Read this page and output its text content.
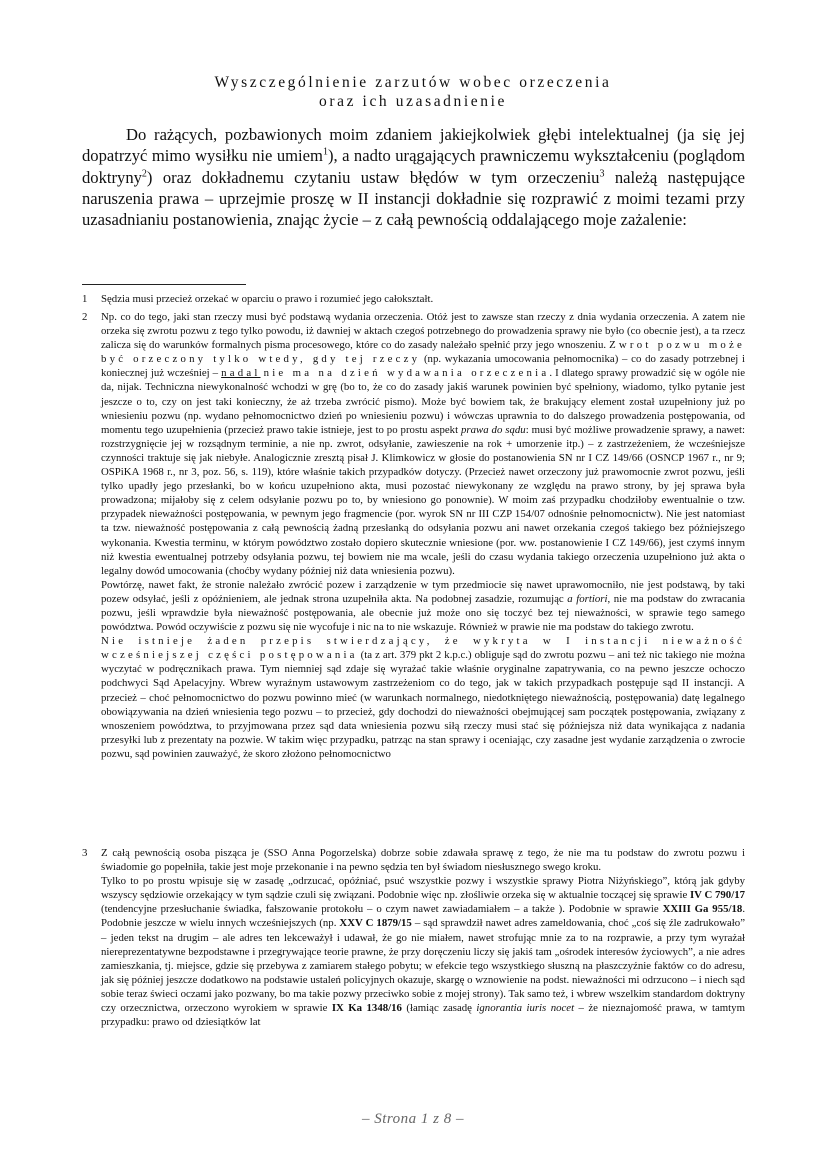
Wyszczególnienie zarzutów wobec orzeczenia
oraz ich uzasadnienie

Do rażących, pozbawionych moim zdaniem jakiejkolwiek głębi intelektualnej (ja się jej dopatrzyć mimo wysiłku nie umiem$^1$), a nadto urągających prawniczemu wykształceniu (poglądom doktryny$^2$) oraz dokładnemu czytaniu ustaw błędów w tym orzeczeniu$^3$ należą następujące naruszenia prawa – uprzejmie proszę w II instancji dokładnie się rozprawić z moimi tezami przy uzasadnianiu postanowienia, znając życie – z całą pewnością oddalającego moje zażalenie:

1 Sędzia musi przecież orzekać w oparciu o prawo i rozumieć jego całokształt.

2 Np. co do tego, jaki stan rzeczy musi być podstawą wydania orzeczenia. Otóż jest to zawsze stan rzeczy z dnia wydania orzeczenia. A zatem nie orzeka się zwrotu pozwu z tego tylko powodu, iż dawniej w aktach czegoś potrzebnego do prowadzenia sprawy nie było (co obecnie jest), a ta rzecz zalicza się do warunków formalnych pisma procesowego, które co do zasady należało spełnić przy jego wnoszeniu. Zwrot pozwu może być orzeczony tylko wtedy, gdy tej rzeczy (np. wykazania umocowania pełnomocnika) – co do zasady potrzebnej i koniecznej już wcześniej – nadal nie ma na dzień wydawania orzeczenia. I dlatego sprawy prowadzić się w ogóle nie da, nijak. Techniczna niewykonalność wchodzi w grę (bo to, że co do zasady jakiś warunek powinien być spełniony, wiadomo, tylko pytanie jest jeszcze o to, czy on jest taki konieczny, że aż trzeba zwrócić pismo). Może być bowiem tak, że brakujący element został uzupełniony już po wniesieniu pozwu (np. wydano pełnomocnictwo dzień po wniesieniu pozwu) i wówczas uprawnia to do dalszego prowadzenia postępowania, od momentu tego uzupełnienia (przecież prawo takie istnieje, jest to po prostu aspekt prawa do sądu: musi być możliwe prowadzenie sprawy, a nawet: rozstrzygnięcie jej w rozsądnym terminie, a nie np. zwrot, odsyłanie, zawieszenie na rok + umorzenie itp.) – z zastrzeżeniem, że wcześniejsze czynności traktuje się jak niebyłe. Analogicznie zresztą pisał J. Klimkowicz w głosie do postanowienia SN nr I CZ 149/66 (OSNCP 1967 r., nr 9; OSPiKA 1968 r., nr 3, poz. 56, s. 119), które właśnie takich przypadków dotyczy. (Przecież nawet orzeczony już prawomocnie zwrot pozwu, jeśli tylko upadły jego przesłanki, bo w końcu uzupełniono akta, musi pozostać niewykonany ze względu na prawo strony, by jej sprawa była prowadzona; mijałoby się z celem odsyłanie pozwu po to, by wniesiono go ponownie). W moim zaś przypadku chodziłoby ewentualnie o tzw. przypadek nieważności postępowania, w pewnym jego fragmencie (por. wyrok SN nr III CZP 154/07 odnośnie pełnomocnictw). Nie jest natomiast ta tzw. nieważność postępowania z całą pewnością żadną przesłanką do odsyłania pozwu ani nawet orzekania czegoś takiego bez późniejszego wykonania. Kwestia terminu, w którym powództwo zostało dopiero skutecznie wniesione (por. ww. postanowienie I CZ 149/66), jest czymś innym niż kwestia ewentualnej potrzeby odsyłania pozwu, tej bowiem nie ma wcale, jeśli do czasu wydania takiego orzeczenia uzupełniono już akta o legalny dowód umocowania (choćby wydany później niż data wniesienia pozwu).

Powtórzę, nawet fakt, że stronie należało zwrócić pozew i zarządzenie w tym przedmiocie się nawet uprawomocniło, nie jest podstawą, by taki pozew odsyłać, jeśli z opóźnieniem, ale jednak strona uzupełniła akta. Na podobnej zasadzie, rozumując a fortiori, nie ma podstaw do zwracania pozwu, jeśli wprawdzie była nieważność postępowania, ale obecnie już może ono się toczyć bez tej nieważności, w sprawie tego samego powództwa. Powód oczywiście z pozwu się nie wycofuje i nic na to nie wskazuje. Również w prawie nie ma podstaw do takiego zwrotu.

Nie istnieje żaden przepis stwierdzający, że wykryta w I instancji nieważność wcześniejszej części postępowania (ta z art. 379 pkt 2 k.p.c.) obliguje sąd do zwrotu pozwu – ani też nic takiego nie można wyczytać w podręcznikach prawa. Tym niemniej sąd zdaje się wyrażać takie właśnie oryginalne zapatrywania, co na pewno jeszcze ochoczo podchwyci Sąd Apelacyjny. Wbrew wyraźnym ustawowym zastrzeżeniom co do tego, jak w takich przypadkach postępuje sąd II instancji. A przecież – choć pełnomocnictwo do pozwu powinno mieć (w warunkach normalnego, niedotkniętego nieważnością, postępowania) datę legalnego obowiązywania na dzień wniesienia tego pozwu – to przecież, gdy dochodzi do nieważności obejmującej sam początek postępowania, związany z wnoszeniem powództwa, to przyjmowana przez sąd data wniesienia pozwu siłą rzeczy musi stać się późniejsza niż data wynikająca z nadania przesyłki lub z prezentaty na pozwie. W takim więc przypadku, patrząc na stan sprawy i oceniając, czy zasadne jest wydanie zarządzenia o zwrocie pozwu, sąd powinien zauważyć, że skoro złożono pełnomocnictwo

3 Z całą pewnością osoba pisząca je (SSO Anna Pogorzelska) dobrze sobie zdawała sprawę z tego, że nie ma tu podstaw do zwrotu pozwu i świadomie go popełniła, takie jest moje przekonanie i na pewno sędzia ten był świadom niesłusznego swego kroku.

Tylko to po prostu wpisuje się w zasadę „odrzucać, opóźniać, psuć wszystkie pozwy i wszystkie sprawy Piotra Niżyńskiego”, którą jak gdyby wszyscy sędziowie orzekający w tym sądzie czuli się związani. Podobnie więc np. złośliwie orzeka się w aktualnie toczącej się sprawie IV C 790/17 (tendencyjne przesłuchanie świadka, fałszowanie protokołu – o czym nawet zawiadamiałem – a także ). Podobnie w sprawie XXIII Ga 955/18. Podobnie jeszcze w wielu innych wcześniejszych (np. XXV C 1879/15 – sąd sprawdził nawet adres zameldowania, choć „coś się źle zadrukowało” – jeden tekst na drugim – ale adres ten lekceważył i udawał, że go nie miałem, nawet strofując mnie za to na rozprawie, a przy tym wyrażał niereprezentatywne bezpodstawne i przegrywające teorie prawne, że przy doręczeniu liczy się jakiś tam „ośrodek interesów życiowych”, a nie adres zamieszkania, tj. miejsce, gdzie się przebywa z zamiarem stałego pobytu; w efekcie tego wszystkiego słuszną na płaszczyźnie faktów co do adresu, jak się później jeszcze dodatkowo na podstawie ustaleń policyjnych okazuje, skargę o wznowienie na podst. nieważności mi odrzucono – i niech sąd sobie teraz świeci oczami jako pozwany, bo ma takie pozwy przeciwko sobie z mojej strony). Tak samo też, i wbrew wszelkim standardom doktryny czy orzecznictwa, orzeczono wyrokiem w sprawie IX Ka 1348/16 (łamiąc zasadę ignorantia iuris nocet – że nieznajomość prawa, w tamtym przypadku: prawo od dziesiątków lat

– Strona 1 z 8 –
